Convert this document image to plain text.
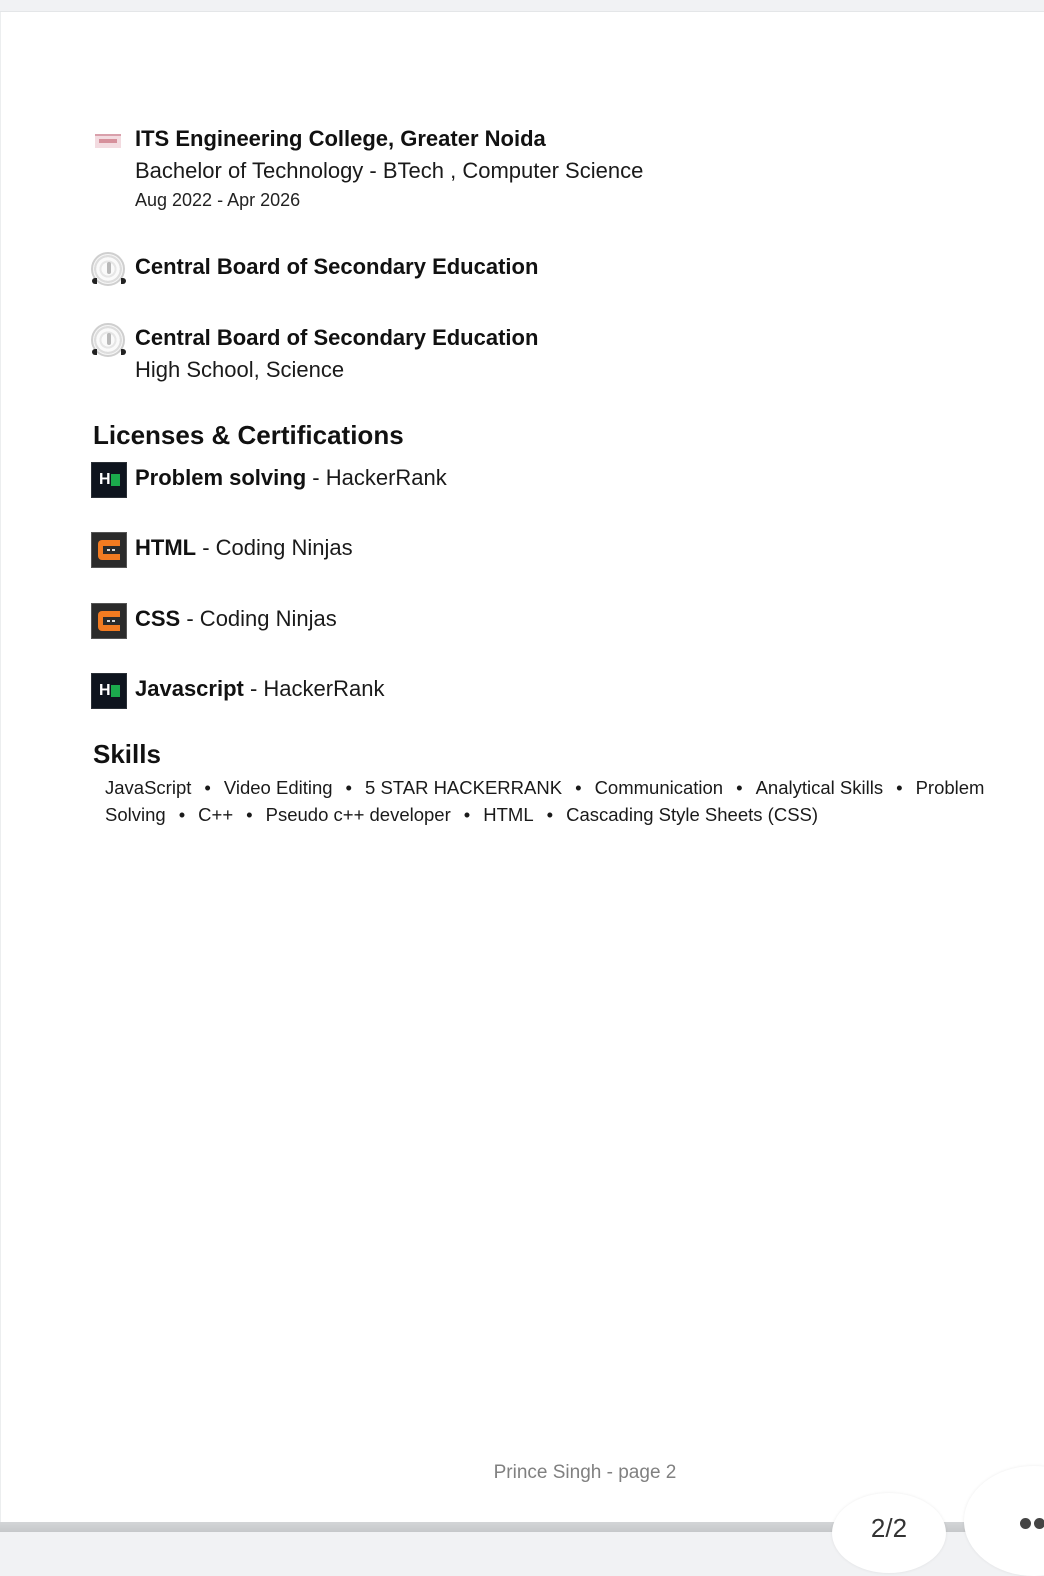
ITS Engineering College, Greater Noida
Bachelor of Technology - BTech , Computer Science
Aug 2022 - Apr 2026
Central Board of Secondary Education
Central Board of Secondary Education
High School, Science
Licenses & Certifications
H Problem solving - HackerRank
HTML - Coding Ninjas
CSS - Coding Ninjas
H Javascript - HackerRank
Skills
JavaScript • Video Editing • 5 STAR HACKERRANK • Communication • Analytical Skills • Problem
Solving • C++ • Pseudo c++ developer • HTML • Cascading Style Sheets (CSS)
Prince Singh - page 2
2/2
